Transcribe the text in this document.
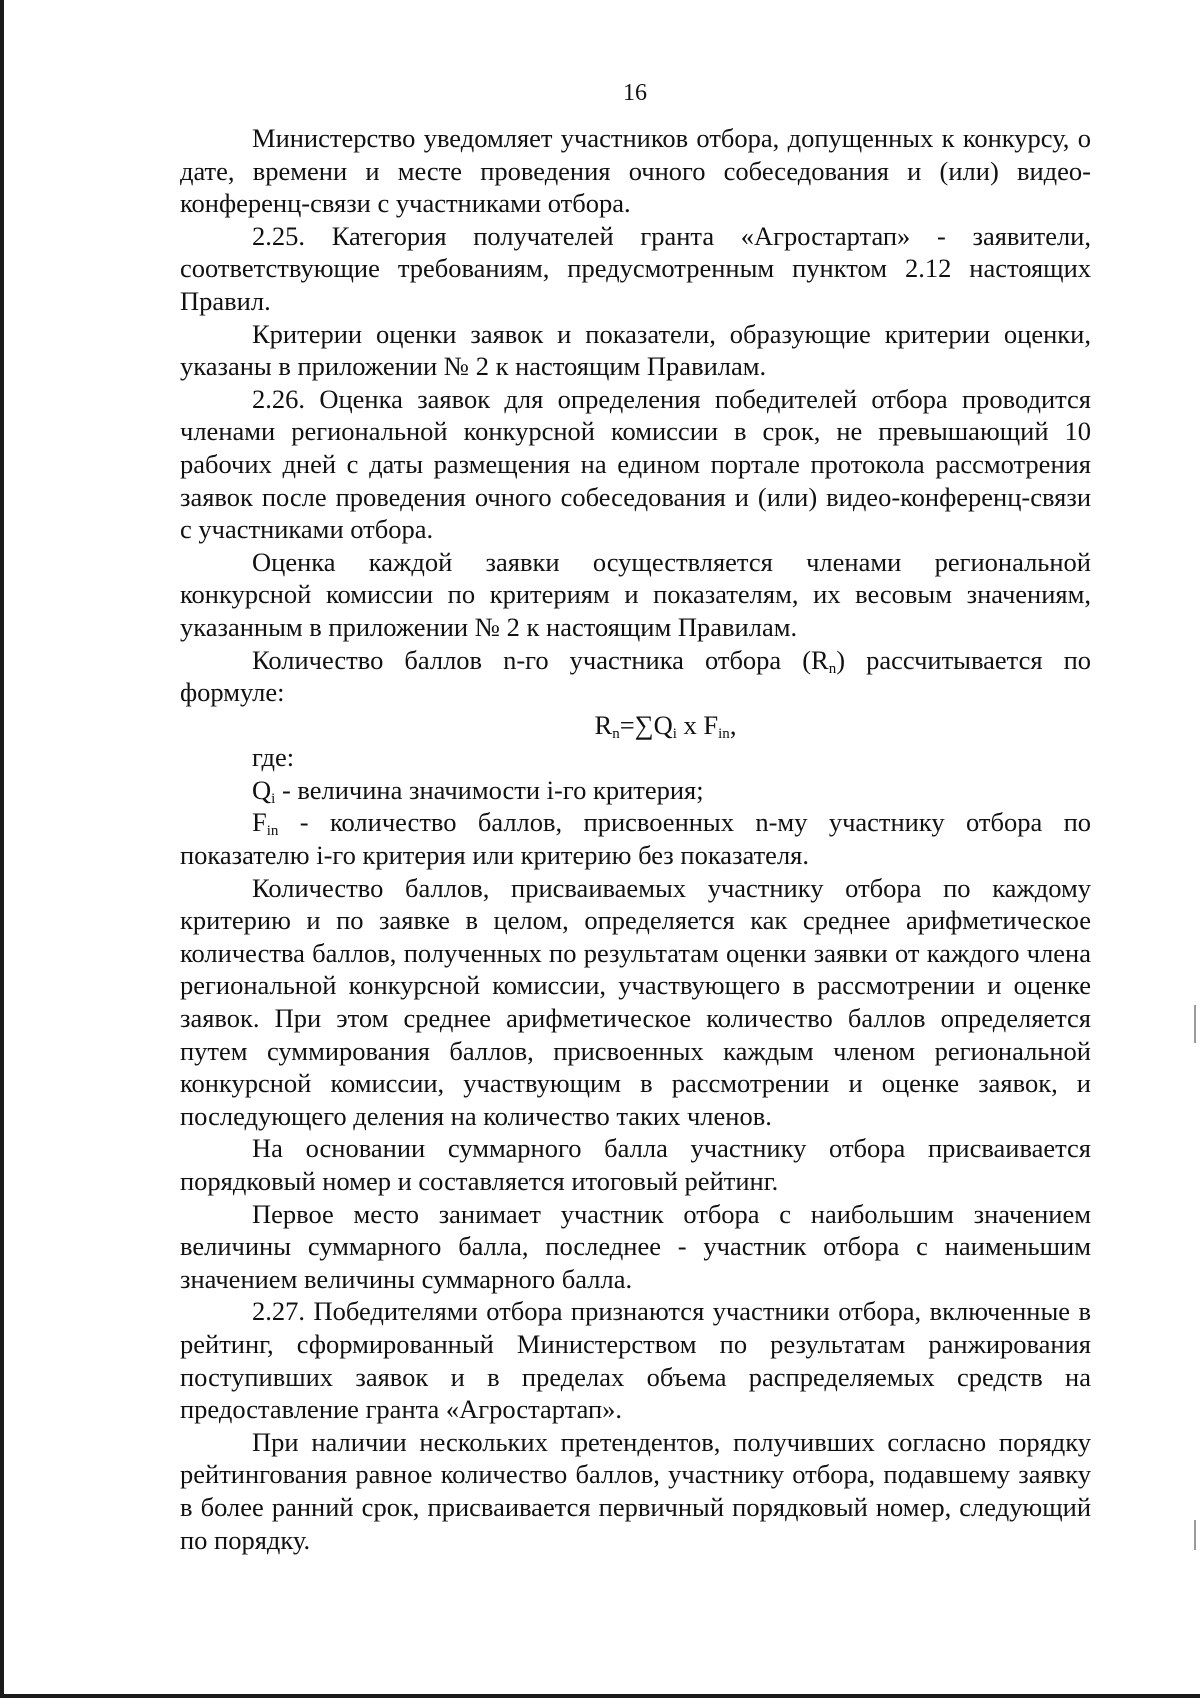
16

Министерство уведомляет участников отбора, допущенных к конкурсу, о дате, времени и месте проведения очного собеседования и (или) видео-конференц-связи с участниками отбора.

2.25. Категория получателей гранта «Агростартап» - заявители, соответствующие требованиям, предусмотренным пунктом 2.12 настоящих Правил.

Критерии оценки заявок и показатели, образующие критерии оценки, указаны в приложении № 2 к настоящим Правилам.

2.26. Оценка заявок для определения победителей отбора проводится членами региональной конкурсной комиссии в срок, не превышающий 10 рабочих дней с даты размещения на едином портале протокола рассмотрения заявок после проведения очного собеседования и (или) видео-конференц-связи с участниками отбора.

Оценка каждой заявки осуществляется членами региональной конкурсной комиссии по критериям и показателям, их весовым значениям, указанным в приложении № 2 к настоящим Правилам.

Количество баллов n-го участника отбора $(R_n)$ рассчитывается по формуле:

$R_n=\sum Q_i$ x $F_{in}$,

где:

$Q_i$ - величина значимости i-го критерия;

$F_{in}$ - количество баллов, присвоенных n-му участнику отбора по показателю i-го критерия или критерию без показателя.

Количество баллов, присваиваемых участнику отбора по каждому критерию и по заявке в целом, определяется как среднее арифметическое количества баллов, полученных по результатам оценки заявки от каждого члена региональной конкурсной комиссии, участвующего в рассмотрении и оценке заявок. При этом среднее арифметическое количество баллов определяется путем суммирования баллов, присвоенных каждым членом региональной конкурсной комиссии, участвующим в рассмотрении и оценке заявок, и последующего деления на количество таких членов.

На основании суммарного балла участнику отбора присваивается порядковый номер и составляется итоговый рейтинг.

Первое место занимает участник отбора с наибольшим значением величины суммарного балла, последнее - участник отбора с наименьшим значением величины суммарного балла.

2.27. Победителями отбора признаются участники отбора, включенные в рейтинг, сформированный Министерством по результатам ранжирования поступивших заявок и в пределах объема распределяемых средств на предоставление гранта «Агростартап».

При наличии нескольких претендентов, получивших согласно порядку рейтингования равное количество баллов, участнику отбора, подавшему заявку в более ранний срок, присваивается первичный порядковый номер, следующий по порядку.
